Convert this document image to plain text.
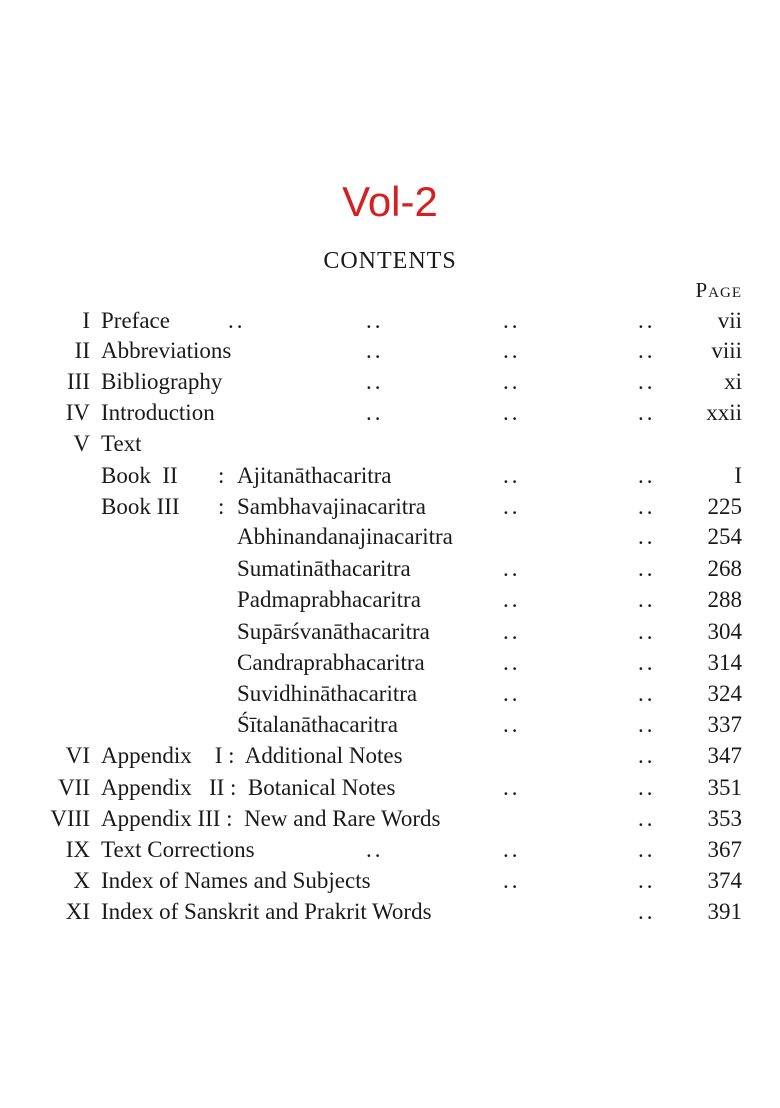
Vol-2
CONTENTS
Page
I Preface	..	..	..	..	vii
II Abbreviations	..	..	.. viii
III Bibliography	..	..	..	xi
IV Introduction	..	..	.. xxii
V Text
Book  II : Ajitanāthacaritra	..	..	I
Book III : Sambhavajinacaritra	..	.. 225
Abhinandanajinacaritra	.. 254
Sumatināthacaritra	..	.. 268
Padmaprabhacaritra	..	.. 288
Supārśvanāthacaritra	..	.. 304
Candraprabhacaritra	..	.. 314
Suvidhināthacaritra	..	.. 324
Śītalanāthacaritra	..	.. 337
VI Appendix    I :  Additional Notes	.. 347
VII Appendix   II :  Botanical Notes	..	.. 351
VIII Appendix III :  New and Rare Words	.. 353
IX Text Corrections	..	..	.. 367
X Index of Names and Subjects	..	.. 374
XI Index of Sanskrit and Prakrit Words	.. 391
